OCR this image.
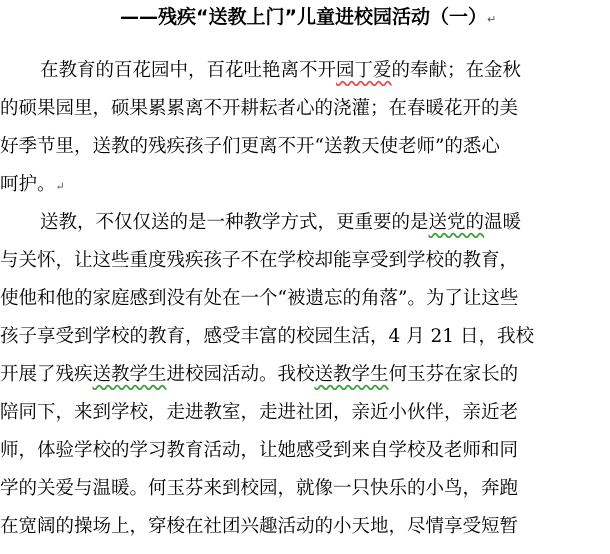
——残疾“送教上门”儿童进校园活动（一）↵
在教育的百花园中，百花吐艳离不开园丁爱的奉献；在金秋
的硕果园里，硕果累累离不开耕耘者心的浇灌；在春暖花开的美
好季节里，送教的残疾孩子们更离不开“送教天使老师”的悉心
呵护。↵
送教，不仅仅送的是一种教学方式，更重要的是送党的温暖
与关怀，让这些重度残疾孩子不在学校却能享受到学校的教育，
使他和他的家庭感到没有处在一个“被遗忘的角落”。为了让这些
孩子享受到学校的教育，感受丰富的校园生活，4 月 21 日，我校
开展了残疾送教学生进校园活动。我校送教学生何玉芬在家长的
陪同下，来到学校，走进教室，走进社团，亲近小伙伴，亲近老
师，体验学校的学习教育活动，让她感受到来自学校及老师和同
学的关爱与温暖。何玉芬来到校园，就像一只快乐的小鸟，奔跑
在宽阔的操场上，穿梭在社团兴趣活动的小天地，尽情享受短暂
